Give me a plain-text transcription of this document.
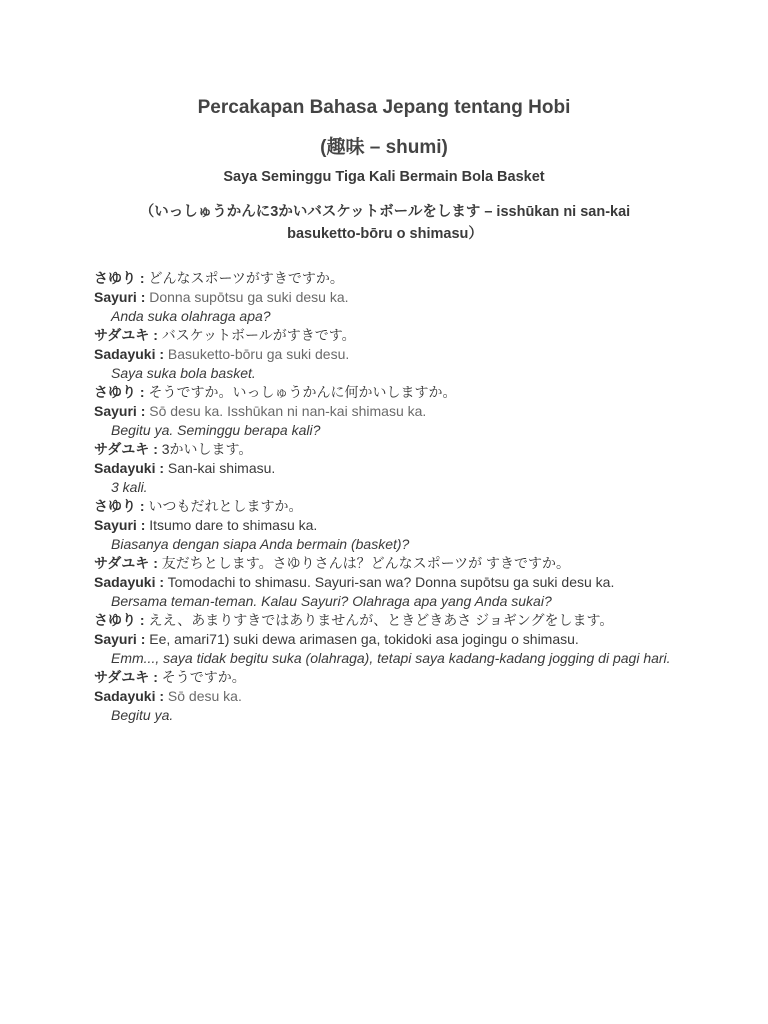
Percakapan Bahasa Jepang tentang Hobi
(趣味 – shumi)
Saya Seminggu Tiga Kali Bermain Bola Basket
（いっしゅうかんに3かいバスケットボールをします – isshūkan ni san-kai
basuketto-bōru o shimasu）
さゆり : どんなスポーツがすきですか。
Sayuri : Donna supōtsu ga suki desu ka.
Anda suka olahraga apa?
サダユキ : バスケットボールがすきです。
Sadayuki : Basuketto-bōru ga suki desu.
Saya suka bola basket.
さゆり : そうですか。いっしゅうかんに何かいしますか。
Sayuri : Sō desu ka. Isshūkan ni nan-kai shimasu ka.
Begitu ya. Seminggu berapa kali?
サダユキ : 3かいします。
Sadayuki : San-kai shimasu.
3 kali.
さゆり : いつもだれとしますか。
Sayuri : Itsumo dare to shimasu ka.
Biasanya dengan siapa Anda bermain (basket)?
サダユキ : 友だちとします。さゆりさんは？どんなスポーツが すきですか。
Sadayuki : Tomodachi to shimasu. Sayuri-san wa? Donna supōtsu ga suki desu ka.
Bersama teman-teman. Kalau Sayuri? Olahraga apa yang Anda sukai?
さゆり : ええ、あまりすきではありませんが、ときどきあさ ジョギングをします。
Sayuri : Ee, amari71) suki dewa arimasen ga, tokidoki asa jogingu o shimasu.
Emm..., saya tidak begitu suka (olahraga), tetapi saya kadang-kadang jogging di pagi hari.
サダユキ : そうですか。
Sadayuki : Sō desu ka.
Begitu ya.
